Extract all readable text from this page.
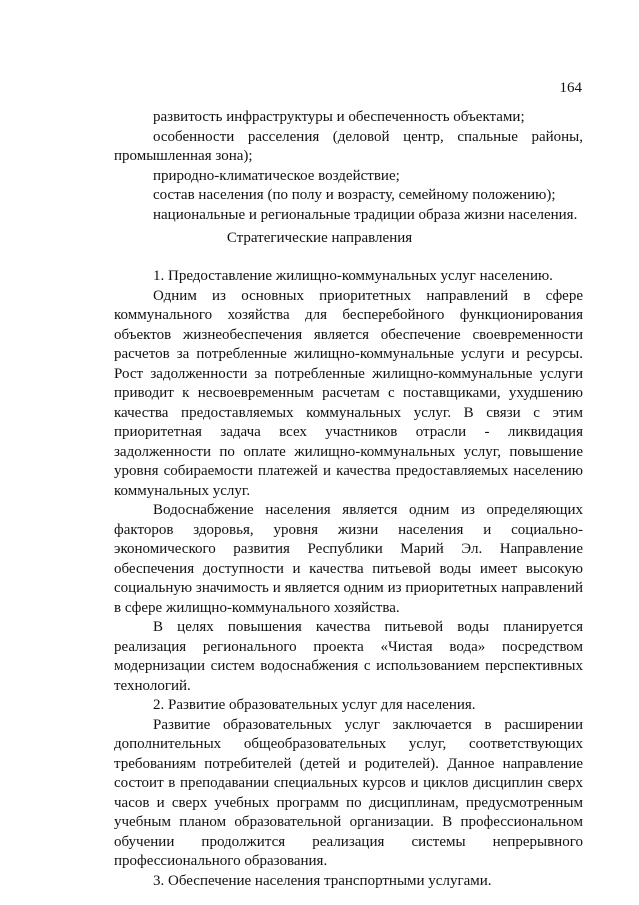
164
развитость инфраструктуры и обеспеченность объектами;
особенности расселения (деловой центр, спальные районы,
промышленная зона);
природно-климатическое воздействие;
состав населения (по полу и возрасту, семейному положению);
национальные и региональные традиции образа жизни населения.
Стратегические направления
1. Предоставление жилищно-коммунальных услуг населению.
Одним из основных приоритетных направлений в сфере
коммунального хозяйства для бесперебойного функционирования
объектов жизнеобеспечения является обеспечение своевременности
расчетов за потребленные жилищно-коммунальные услуги и ресурсы.
Рост задолженности за потребленные жилищно-коммунальные услуги
приводит к несвоевременным расчетам с поставщиками, ухудшению
качества предоставляемых коммунальных услуг. В связи с этим
приоритетная задача всех участников отрасли - ликвидация
задолженности по оплате жилищно-коммунальных услуг, повышение
уровня собираемости платежей и качества предоставляемых населению
коммунальных услуг.
Водоснабжение населения является одним из определяющих
факторов здоровья, уровня жизни населения и социально-
экономического развития Республики Марий Эл. Направление
обеспечения доступности и качества питьевой воды имеет высокую
социальную значимость и является одним из приоритетных направлений
в сфере жилищно-коммунального хозяйства.
В целях повышения качества питьевой воды планируется
реализация регионального проекта «Чистая вода» посредством
модернизации систем водоснабжения с использованием перспективных
технологий.
2. Развитие образовательных услуг для населения.
Развитие образовательных услуг заключается в расширении
дополнительных общеобразовательных услуг, соответствующих
требованиям потребителей (детей и родителей). Данное направление
состоит в преподавании специальных курсов и циклов дисциплин сверх
часов и сверх учебных программ по дисциплинам, предусмотренным
учебным планом образовательной организации. В профессиональном
обучении продолжится реализация системы непрерывного
профессионального образования.
3. Обеспечение населения транспортными услугами.
